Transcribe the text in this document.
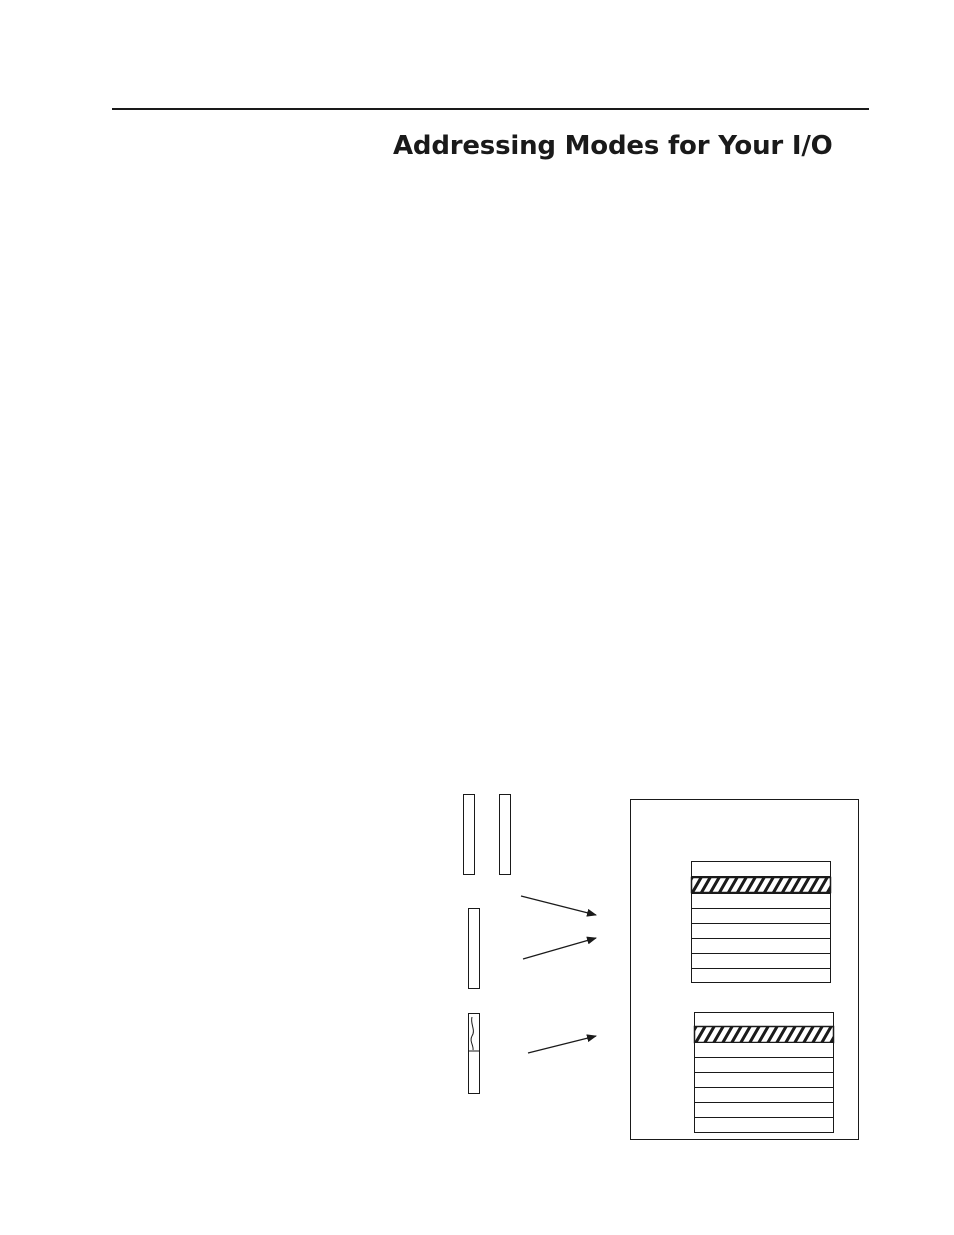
Addressing Modes for Your I/O
